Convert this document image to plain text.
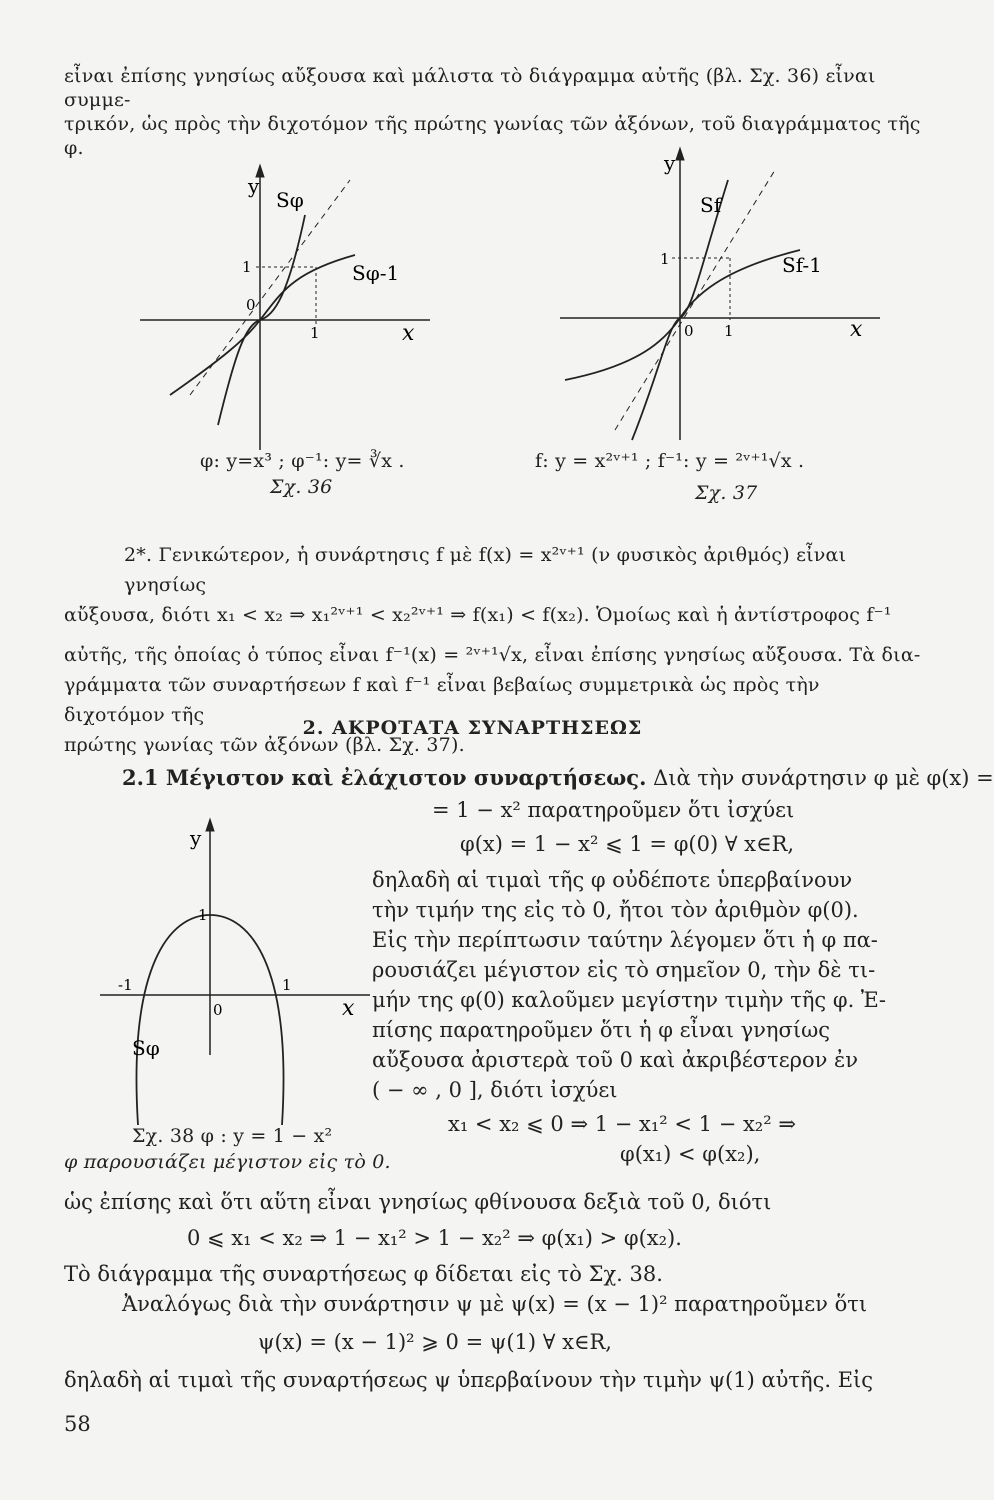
εἶναι ἐπίσης γνησίως αὔξουσα καὶ μάλιστα τὸ διάγραμμα αὐτῆς (βλ. Σχ. 36) εἶναι συμμε-
τρικόν, ὡς πρὸς τὴν διχοτόμον τῆς πρώτης γωνίας τῶν ἀξόνων, τοῦ διαγράμματος τῆς φ.
y
x
Sφ
Sφ-1
1
1
0
y
x
Sf
Sf-1
1
1
0
φ: y=x³ ; φ⁻¹: y= ∛x .
Σχ. 36
f: y = x²ᵛ⁺¹ ; f⁻¹: y = ²ᵛ⁺¹√x .
Σχ. 37
2*. Γενικώτερον, ἡ συνάρτησις f μὲ f(x) = x²ᵛ⁺¹ (ν φυσικὸς ἀριθμός) εἶναι γνησίως
αὔξουσα, διότι x₁ < x₂ ⇒ x₁²ᵛ⁺¹ < x₂²ᵛ⁺¹ ⇒ f(x₁) < f(x₂). Ὁμοίως καὶ ἡ ἀντίστροφος f⁻¹
αὐτῆς, τῆς ὁποίας ὁ τύπος εἶναι f⁻¹(x) = ²ᵛ⁺¹√x, εἶναι ἐπίσης γνησίως αὔξουσα. Τὰ δια-
γράμματα τῶν συναρτήσεων f καὶ f⁻¹ εἶναι βεβαίως συμμετρικὰ ὡς πρὸς τὴν διχοτόμον τῆς
πρώτης γωνίας τῶν ἀξόνων (βλ. Σχ. 37).
2. ΑΚΡΟΤΑΤΑ ΣΥΝΑΡΤΗΣΕΩΣ
2.1 Μέγιστον καὶ ἐλάχιστον συναρτήσεως. Διὰ τὴν συνάρτησιν φ μὲ φ(x) =
= 1 − x² παρατηροῦμεν ὅτι ἰσχύει
φ(x) = 1 − x² ⩽ 1 = φ(0) ∀ x∈R,
δηλαδὴ αἱ τιμαὶ τῆς φ οὐδέποτε ὑπερβαίνουν
τὴν τιμήν της εἰς τὸ 0, ἤτοι τὸν ἀριθμὸν φ(0).
Εἰς τὴν περίπτωσιν ταύτην λέγομεν ὅτι ἡ φ πα-
ρουσιάζει μέγιστον εἰς τὸ σημεῖον 0, τὴν δὲ τι-
μήν της φ(0) καλοῦμεν μεγίστην τιμὴν τῆς φ. Ἐ-
πίσης παρατηροῦμεν ὅτι ἡ φ εἶναι γνησίως
αὔξουσα ἀριστερὰ τοῦ 0 καὶ ἀκριβέστερον ἐν
( − ∞ , 0 ], διότι ἰσχύει
x₁ < x₂ ⩽ 0 ⇒ 1 − x₁² < 1 − x₂² ⇒
φ(x₁) < φ(x₂),
y
x
1
-1	1
0
Sφ
Σχ. 38 φ : y = 1 − x²
φ παρουσιάζει μέγιστον εἰς τὸ 0.
ὡς ἐπίσης καὶ ὅτι αὕτη εἶναι γνησίως φθίνουσα δεξιὰ τοῦ 0, διότι
0 ⩽ x₁ < x₂ ⇒ 1 − x₁² > 1 − x₂² ⇒ φ(x₁) > φ(x₂).
Τὸ διάγραμμα τῆς συναρτήσεως φ δίδεται εἰς τὸ Σχ. 38.
Ἀναλόγως διὰ τὴν συνάρτησιν ψ μὲ ψ(x) = (x − 1)² παρατηροῦμεν ὅτι
ψ(x) = (x − 1)² ⩾ 0 = ψ(1) ∀ x∈R,
δηλαδὴ αἱ τιμαὶ τῆς συναρτήσεως ψ ὑπερβαίνουν τὴν τιμὴν ψ(1) αὐτῆς. Εἰς
58
